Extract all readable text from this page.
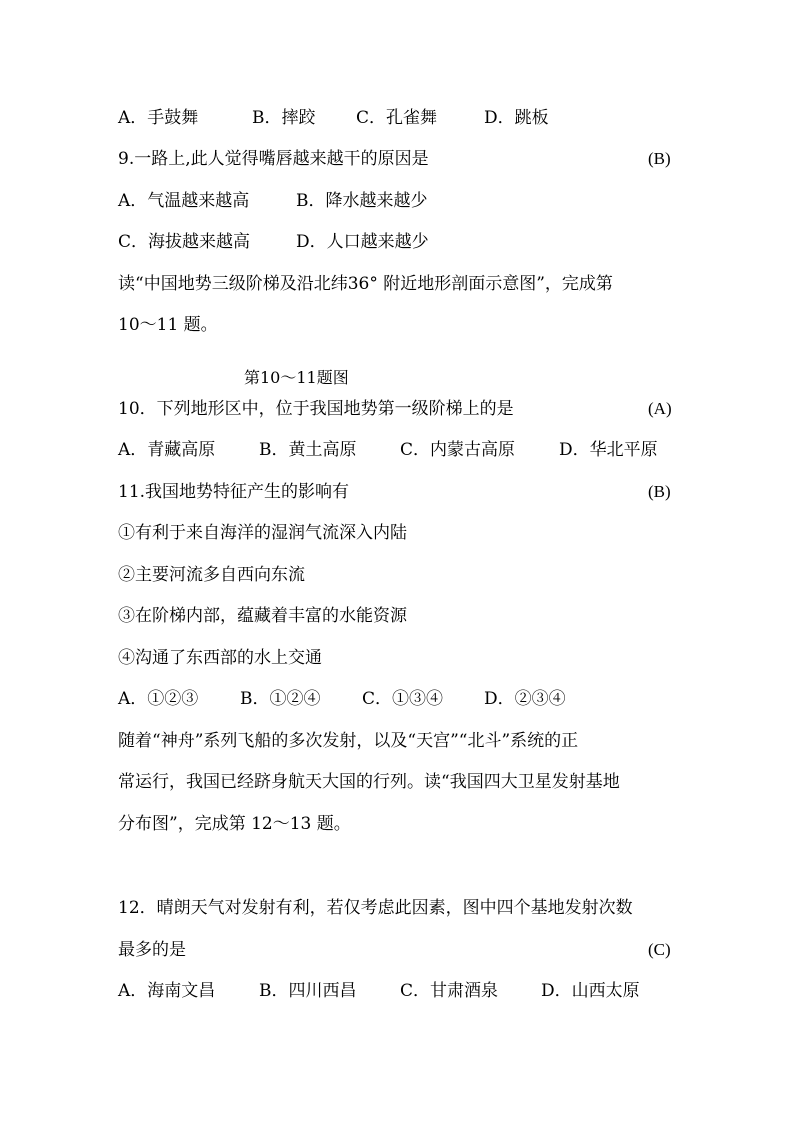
A．手鼓舞	B．摔跤 C．孔雀舞	D．跳板
9.一路上,此人觉得嘴唇越来越干的原因是	(B)
A．气温越来越高	B．降水越来越少
C．海拔越来越高	D．人口越来越少
读“中国地势三级阶梯及沿北纬36° 附近地形剖面示意图”，完成第
10～11 题。
第10～11题图
10．下列地形区中，位于我国地势第一级阶梯上的是	(A)
A．青藏高原	B．黄土高原	C．内蒙古高原	D．华北平原
11.我国地势特征产生的影响有	(B)
①有利于来自海洋的湿润气流深入内陆
②主要河流多自西向东流
③在阶梯内部，蕴藏着丰富的水能资源
④沟通了东西部的水上交通
A．①②③ B．①②④ C．①③④ D．②③④
随着“神舟”系列飞船的多次发射，以及“天宫”“北斗”系统的正
常运行，我国已经跻身航天大国的行列。读“我国四大卫星发射基地
分布图”，完成第 12～13 题。
12．晴朗天气对发射有利，若仅考虑此因素，图中四个基地发射次数
最多的是	(C)
A．海南文昌	B．四川西昌	C．甘肃酒泉	D．山西太原
